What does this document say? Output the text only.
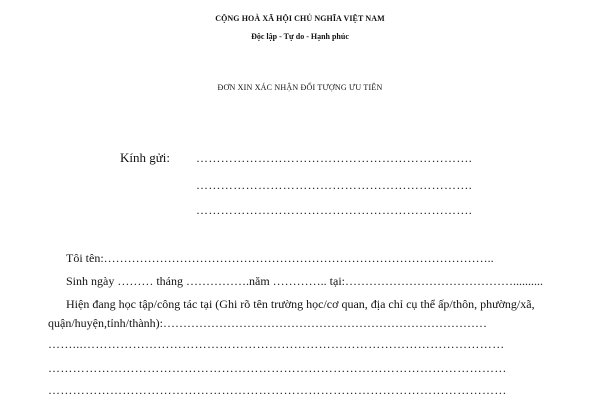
CỘNG HOÀ XÃ HỘI CHỦ NGHĨA VIỆT NAM
Độc lập - Tự do - Hạnh phúc
ĐƠN XIN XÁC NHẬN ĐỐI TƯỢNG ƯU TIÊN
Kính gửi: ………………………………………………………….
………………………………………………………….
………………………………………………………….
Tôi tên:……………………………………………………………………………………..
Sinh ngày ……… tháng …………….năm ………….. tại:……………………………………..........
Hiện đang học tập/công tác tại (Ghi rõ tên trường học/cơ quan, địa chỉ cụ thể ấp/thôn, phường/xã,
quận/huyện,tỉnh/thành):………………………………………………………………………
……...…………………………………………………………………………………………
…………………………………………………………………………………………………
…………………………………………………………………………………………………
